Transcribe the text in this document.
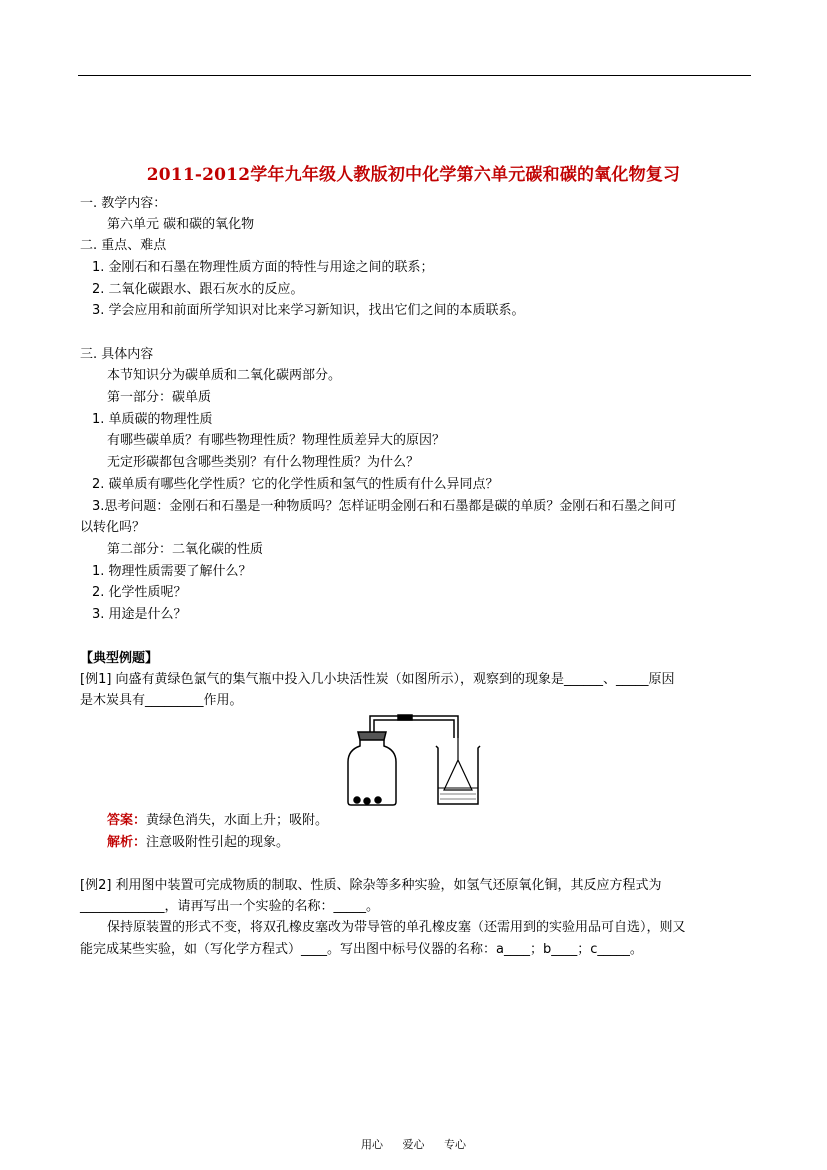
2011-2012学年九年级人教版初中化学第六单元碳和碳的氧化物复习
一. 教学内容：
第六单元 碳和碳的氧化物
二. 重点、难点
1. 金刚石和石墨在物理性质方面的特性与用途之间的联系；
2. 二氧化碳跟水、跟石灰水的反应。
3. 学会应用和前面所学知识对比来学习新知识，找出它们之间的本质联系。
三. 具体内容
本节知识分为碳单质和二氧化碳两部分。
第一部分：碳单质
1. 单质碳的物理性质
有哪些碳单质？有哪些物理性质？物理性质差异大的原因？
无定形碳都包含哪些类别？有什么物理性质？为什么？
2. 碳单质有哪些化学性质？它的化学性质和氢气的性质有什么异同点？
3.思考问题：金刚石和石墨是一种物质吗？怎样证明金刚石和石墨都是碳的单质？金刚石和石墨之间可
以转化吗？
第二部分：二氧化碳的性质
1. 物理性质需要了解什么？
2. 化学性质呢？
3. 用途是什么？
【典型例题】
[例1] 向盛有黄绿色氯气的集气瓶中投入几小块活性炭（如图所示），观察到的现象是______、_____原因
是木炭具有_________作用。
答案：黄绿色消失，水面上升；吸附。
解析：注意吸附性引起的现象。
[例2] 利用图中装置可完成物质的制取、性质、除杂等多种实验，如氢气还原氧化铜，其反应方程式为
_____________，请再写出一个实验的名称：_____。
保持原装置的形式不变，将双孔橡皮塞改为带导管的单孔橡皮塞（还需用到的实验用品可自选），则又
能完成某些实验，如（写化学方程式）____。写出图中标号仪器的名称：a____；b____；c_____。
用心 爱心 专心
